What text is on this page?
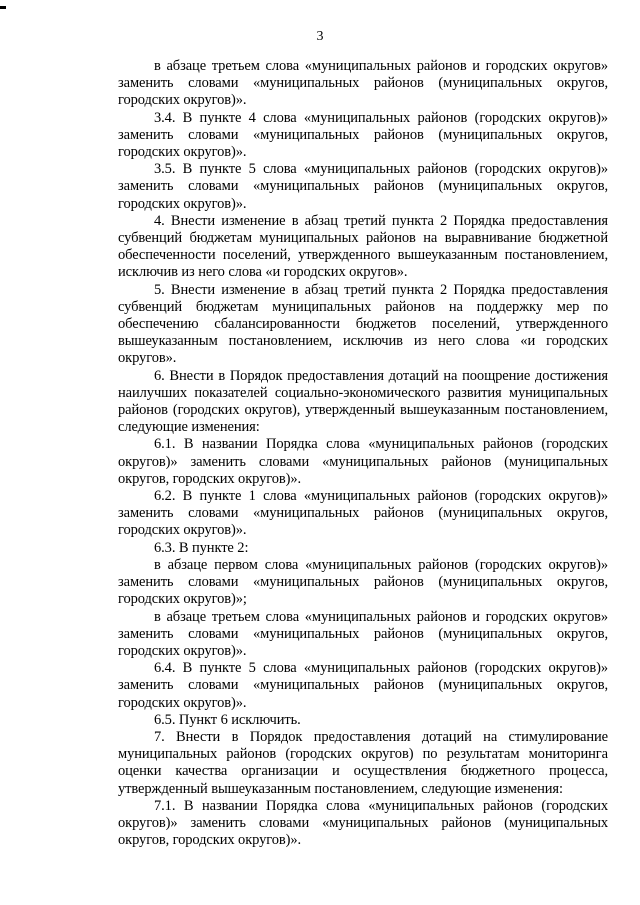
3

в абзаце третьем слова «муниципальных районов и городских округов» заменить словами «муниципальных районов (муниципальных округов, городских округов)».

3.4. В пункте 4 слова «муниципальных районов (городских округов)» заменить словами «муниципальных районов (муниципальных округов, городских округов)».

3.5. В пункте 5 слова «муниципальных районов (городских округов)» заменить словами «муниципальных районов (муниципальных округов, городских округов)».

4. Внести изменение в абзац третий пункта 2 Порядка предоставления субвенций бюджетам муниципальных районов на выравнивание бюджетной обеспеченности поселений, утвержденного вышеуказанным постановлением, исключив из него слова «и городских округов».

5. Внести изменение в абзац третий пункта 2 Порядка предоставления субвенций бюджетам муниципальных районов на поддержку мер по обеспечению сбалансированности бюджетов поселений, утвержденного вышеуказанным постановлением, исключив из него слова «и городских округов».

6. Внести в Порядок предоставления дотаций на поощрение достижения наилучших показателей социально-экономического развития муниципальных районов (городских округов), утвержденный вышеуказанным постановлением, следующие изменения:

6.1. В названии Порядка слова «муниципальных районов (городских округов)» заменить словами «муниципальных районов (муниципальных округов, городских округов)».

6.2. В пункте 1 слова «муниципальных районов (городских округов)» заменить словами «муниципальных районов (муниципальных округов, городских округов)».

6.3. В пункте 2:

в абзаце первом слова «муниципальных районов (городских округов)» заменить словами «муниципальных районов (муниципальных округов, городских округов)»;

в абзаце третьем слова «муниципальных районов и городских округов» заменить словами «муниципальных районов (муниципальных округов, городских округов)».

6.4. В пункте 5 слова «муниципальных районов (городских округов)» заменить словами «муниципальных районов (муниципальных округов, городских округов)».

6.5. Пункт 6 исключить.

7. Внести в Порядок предоставления дотаций на стимулирование муниципальных районов (городских округов) по результатам мониторинга оценки качества организации и осуществления бюджетного процесса, утвержденный вышеуказанным постановлением, следующие изменения:

7.1. В названии Порядка слова «муниципальных районов (городских округов)» заменить словами «муниципальных районов (муниципальных округов, городских округов)».
